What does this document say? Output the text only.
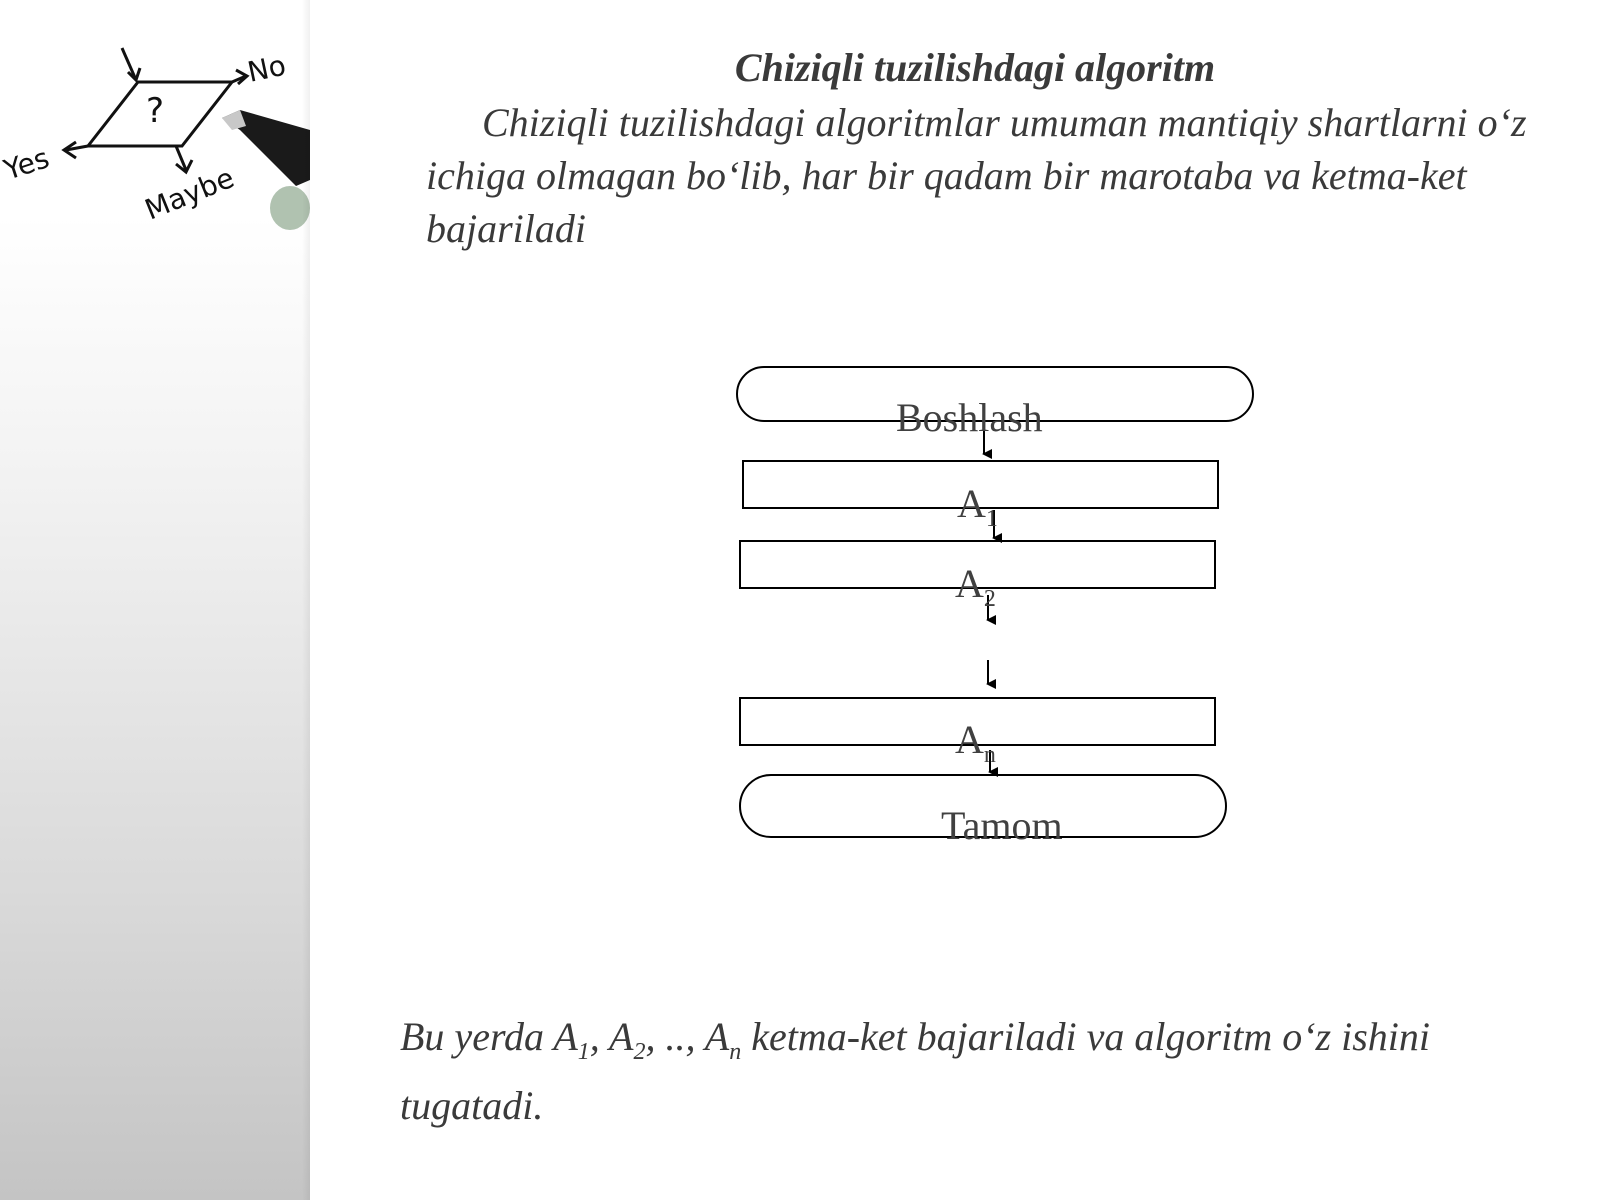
?
No
Yes	Maybe
Chiziqli tuzilishdagi algoritm
Chiziqli tuzilishdagi algoritmlar umuman mantiqiy shartlarni o‘z ichiga olmagan bo‘lib, har bir qadam bir marotaba va ketma-ket bajariladi
Boshlash
$A_1$
$A_2$
$A_n$
Tamom
Bu yerda $A_1$, $A_2$, .., $A_n$ ketma-ket bajariladi va algoritm o‘z ishini tugatadi.
